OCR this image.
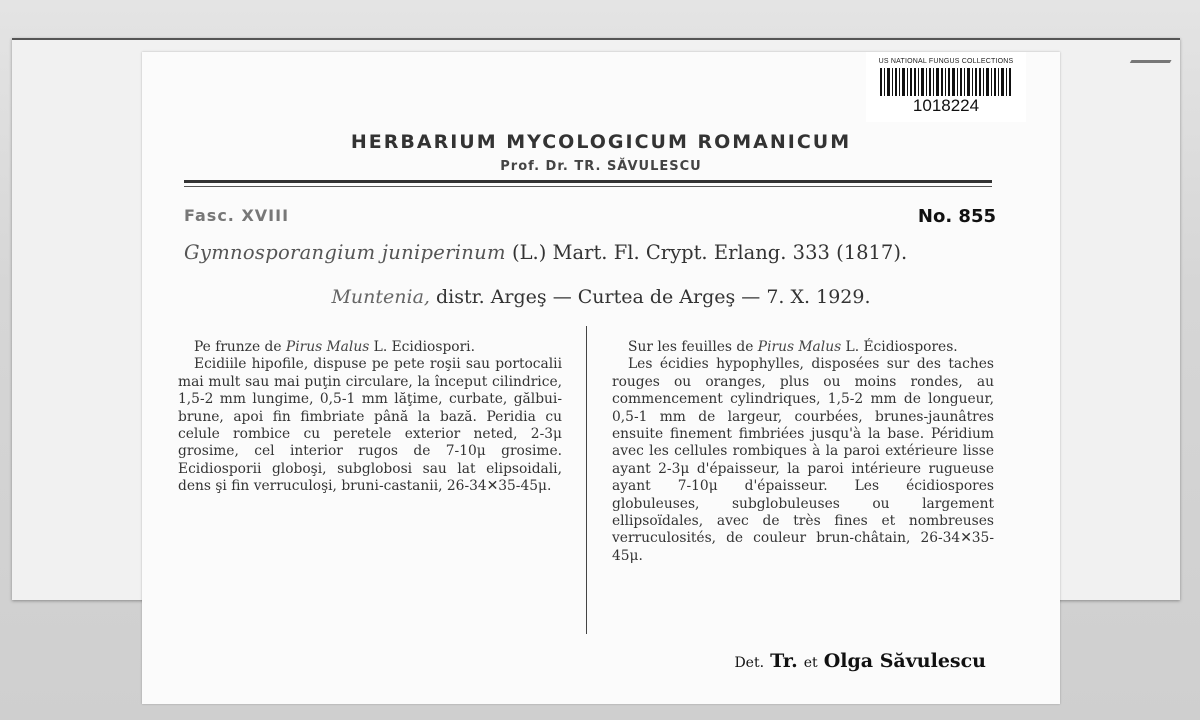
US NATIONAL FUNGUS COLLECTIONS
1018224
HERBARIUM MYCOLOGICUM ROMANICUM
Prof. Dr. TR. SĂVULESCU
Fasc. XVIII	No. 855
Gymnosporangium juniperinum (L.) Mart. Fl. Crypt. Erlang. 333 (1817).
Muntenia, distr. Argeş — Curtea de Argeş — 7. X. 1929.

Pe frunze de Pirus Malus L. Ecidiospori.

Ecidiile hipofile, dispuse pe pete roşii sau portocalii mai mult sau mai puţin circulare, la început cilindrice, 1,5-2 mm lungime, 0,5-1 mm lăţime, curbate, gălbui-brune, apoi fin fimbriate până la bază. Peridia cu celule rombice cu peretele exterior neted, 2-3μ grosime, cel interior rugos de 7-10μ grosime. Ecidiosporii globoşi, subglobosi sau lat elipsoidali, dens şi fin verruculoşi, bruni-castanii, 26-34✕35-45μ.

Sur les feuilles de Pirus Malus L. Écidiospores.

Les écidies hypophylles, disposées sur des taches rouges ou oranges, plus ou moins rondes, au commencement cylindriques, 1,5-2 mm de longueur, 0,5-1 mm de largeur, courbées, brunes-jaunâtres ensuite finement fimbriées jusqu'à la base. Péridium avec les cellules rombiques à la paroi extérieure lisse ayant 2-3μ d'épaisseur, la paroi intérieure rugueuse ayant 7-10μ d'épaisseur. Les écidiospores globuleuses, subglobuleuses ou largement ellipsoïdales, avec de très fines et nombreuses verruculosités, de couleur brun-châtain, 26-34✕35-45μ.

Det. Tr. et Olga Săvulescu
